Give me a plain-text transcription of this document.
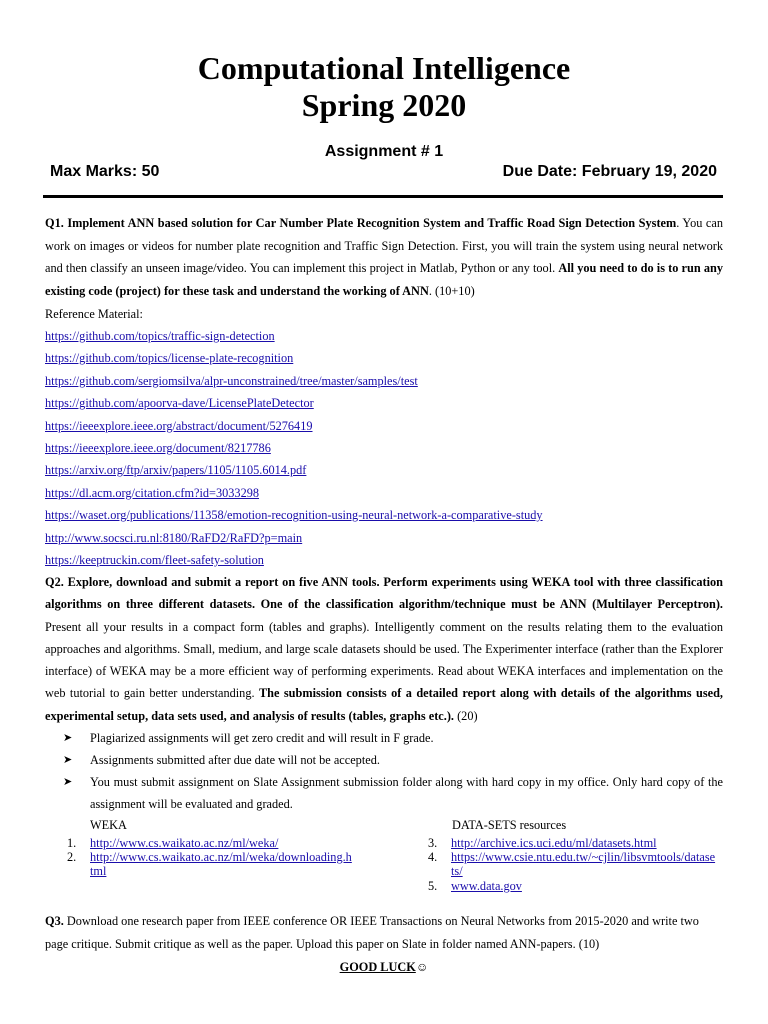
Computational Intelligence
Spring 2020
Assignment # 1
Max Marks: 50	Due Date: February 19, 2020
Q1. Implement ANN based solution for Car Number Plate Recognition System and Traffic Road Sign Detection System. You can work on images or videos for number plate recognition and Traffic Sign Detection. First, you will train the system using neural network and then classify an unseen image/video. You can implement this project in Matlab, Python or any tool. All you need to do is to run any existing code (project) for these task and understand the working of ANN. (10+10)
Reference Material:
https://github.com/topics/traffic-sign-detection
https://github.com/topics/license-plate-recognition
https://github.com/sergiomsilva/alpr-unconstrained/tree/master/samples/test
https://github.com/apoorva-dave/LicensePlateDetector
https://ieeexplore.ieee.org/abstract/document/5276419
https://ieeexplore.ieee.org/document/8217786
https://arxiv.org/ftp/arxiv/papers/1105/1105.6014.pdf
https://dl.acm.org/citation.cfm?id=3033298
https://waset.org/publications/11358/emotion-recognition-using-neural-network-a-comparative-study
http://www.socsci.ru.nl:8180/RaFD2/RaFD?p=main
https://keeptruckin.com/fleet-safety-solution
Q2. Explore, download and submit a report on five ANN tools. Perform experiments using WEKA tool with three classification algorithms on three different datasets. One of the classification algorithm/technique must be ANN (Multilayer Perceptron). Present all your results in a compact form (tables and graphs). Intelligently comment on the results relating them to the evaluation approaches and algorithms. Small, medium, and large scale datasets should be used. The Experimenter interface (rather than the Explorer interface) of WEKA may be a more efficient way of performing experiments. Read about WEKA interfaces and implementation on the web tutorial to gain better understanding. The submission consists of a detailed report along with details of the algorithms used, experimental setup, data sets used, and analysis of results (tables, graphs etc.). (20)
➤ Plagiarized assignments will get zero credit and will result in F grade.
➤ Assignments submitted after due date will not be accepted.
➤ You must submit assignment on Slate Assignment submission folder along with hard copy in my office. Only hard copy of the assignment will be evaluated and graded.
WEKA	DATA-SETS resources
1. http://www.cs.waikato.ac.nz/ml/weka/
2. http://www.cs.waikato.ac.nz/ml/weka/downloading.h
tml
3. http://archive.ics.uci.edu/ml/datasets.html
4. https://www.csie.ntu.edu.tw/~cjlin/libsvmtools/datase
ts/
5. www.data.gov
Q3. Download one research paper from IEEE conference OR IEEE Transactions on Neural Networks from 2015-2020 and write two page critique. Submit critique as well as the paper. Upload this paper on Slate in folder named ANN-papers. (10)
GOOD LUCK☺
